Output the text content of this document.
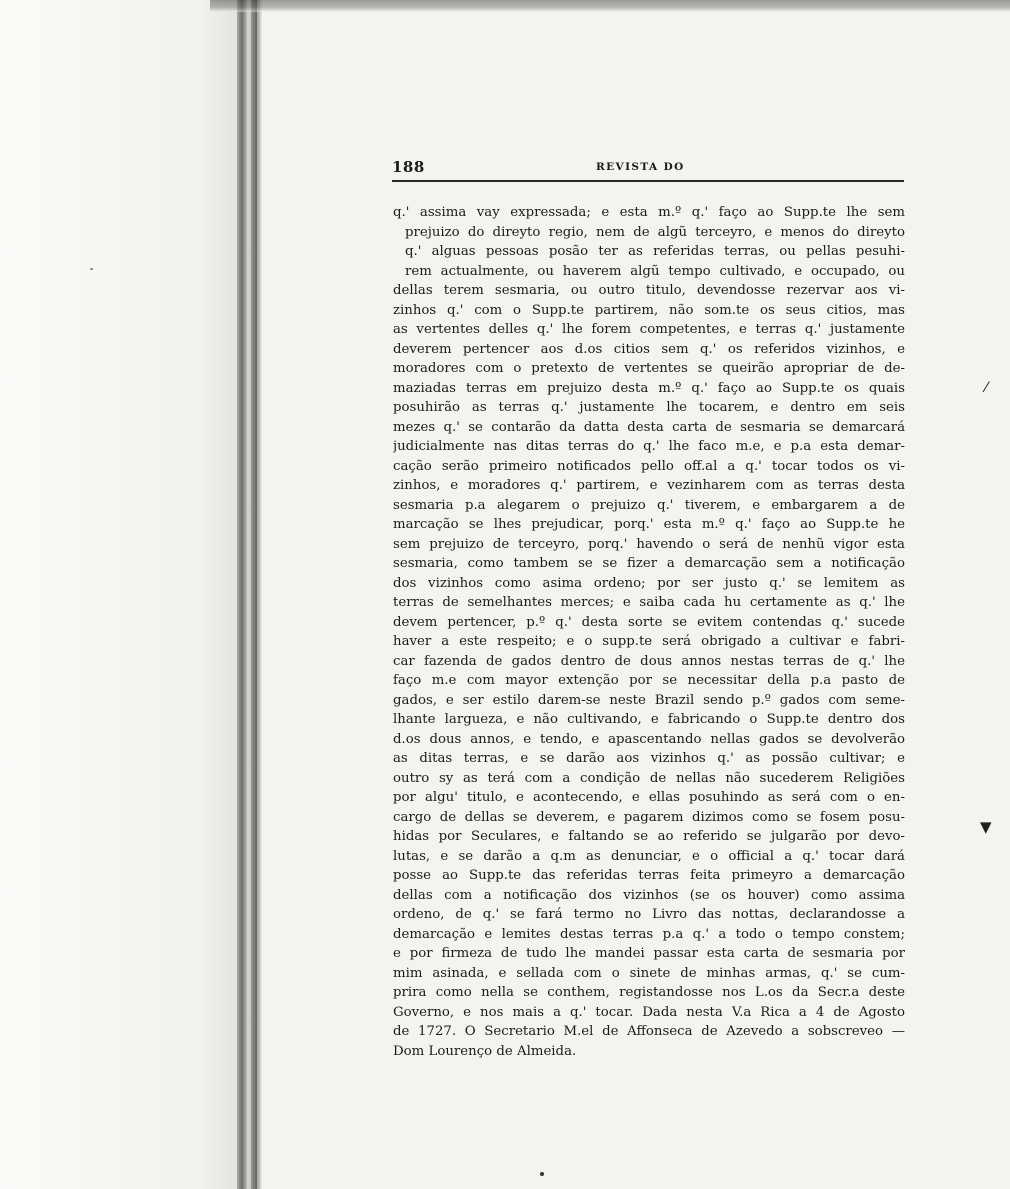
188	REVISTA DO
q.' assima vay expressada; e esta m.º q.' faço ao Supp.te lhe sem
prejuizo do direyto regio, nem de algũ terceyro, e menos do direyto
q.' alguas pessoas posão ter as referidas terras, ou pellas pesuhi-
rem actualmente, ou haverem algũ tempo cultivado, e occupado, ou
dellas terem sesmaria, ou outro titulo, devendosse rezervar aos vi-
zinhos q.' com o Supp.te partirem, não som.te os seus citios, mas
as vertentes delles q.' lhe forem competentes, e terras q.' justamente
deverem pertencer aos d.os citios sem q.' os referidos vizinhos, e
moradores com o pretexto de vertentes se queirão apropriar de de-
maziadas terras em prejuizo desta m.º q.' faço ao Supp.te os quais
posuhirão as terras q.' justamente lhe tocarem, e dentro em seis
mezes q.' se contarão da datta desta carta de sesmaria se demarcará
judicialmente nas ditas terras do q.' lhe faco m.e, e p.a esta demar-
cação serão primeiro notificados pello off.al a q.' tocar todos os vi-
zinhos, e moradores q.' partirem, e vezinharem com as terras desta
sesmaria p.a alegarem o prejuizo q.' tiverem, e embargarem a de
marcação se lhes prejudicar, porq.' esta m.º q.' faço ao Supp.te he
sem prejuizo de terceyro, porq.' havendo o será de nenhũ vigor esta
sesmaria, como tambem se se fizer a demarcação sem a notificação
dos vizinhos como asima ordeno; por ser justo q.' se lemitem as
terras de semelhantes merces; e saiba cada hu certamente as q.' lhe
devem pertencer, p.º q.' desta sorte se evitem contendas q.' sucede
haver a este respeito; e o supp.te será obrigado a cultivar e fabri-
car fazenda de gados dentro de dous annos nestas terras de q.' lhe
faço m.e com mayor extenção por se necessitar della p.a pasto de
gados, e ser estilo darem-se neste Brazil sendo p.º gados com seme-
lhante largueza, e não cultivando, e fabricando o Supp.te dentro dos
d.os dous annos, e tendo, e apascentando nellas gados se devolverão
as ditas terras, e se darão aos vizinhos q.' as possão cultivar; e
outro sy as terá com a condição de nellas não sucederem Religiões
por algu' titulo, e acontecendo, e ellas posuhindo as será com o en-
cargo de dellas se deverem, e pagarem dizimos como se fosem posu-
hidas por Seculares, e faltando se ao referido se julgarão por devo-
lutas, e se darão a q.m as denunciar, e o official a q.' tocar dará
posse ao Supp.te das referidas terras feita primeyro a demarcação
dellas com a notificação dos vizinhos (se os houver) como assima
ordeno, de q.' se fará termo no Livro das nottas, declarandosse a
demarcação e lemites destas terras p.a q.' a todo o tempo constem;
e por firmeza de tudo lhe mandei passar esta carta de sesmaria por
mim asinada, e sellada com o sinete de minhas armas, q.' se cum-
prira como nella se conthem, registandosse nos L.os da Secr.a deste
Governo, e nos mais a q.' tocar. Dada nesta V.a Rica a 4 de Agosto
de 1727. O Secretario M.el de Affonseca de Azevedo a sobscreveo —
Dom Lourenço de Almeida.
⁄
▼
